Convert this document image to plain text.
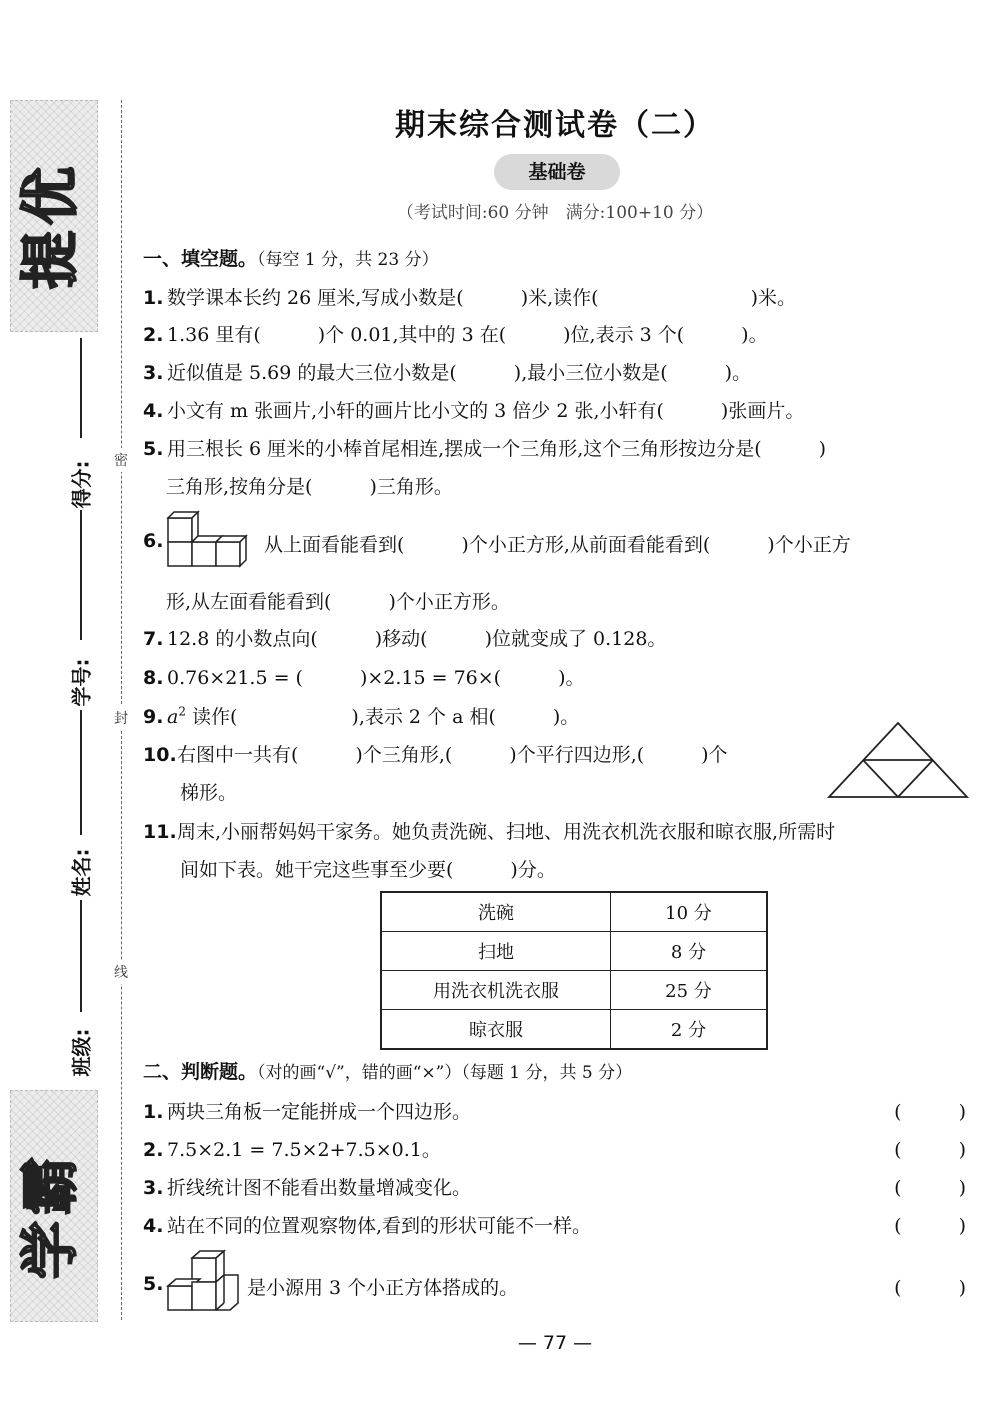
提优
学霸
得分:
学号:
姓名:
班级:
密
封
线
期末综合测试卷（二）
基础卷
（考试时间:60 分钟　满分:100+10 分）
一、填空题。（每空 1 分，共 23 分）
1. 数学课本长约 26 厘米,写成小数是(　　　)米,读作(　　　　　　　　)米。
2. 1.36 里有(　　　)个 0.01,其中的 3 在(　　　)位,表示 3 个(　　　)。
3. 近似值是 5.69 的最大三位小数是(　　　),最小三位小数是(　　　)。
4. 小文有 m 张画片,小轩的画片比小文的 3 倍少 2 张,小轩有(　　　)张画片。
5. 用三根长 6 厘米的小棒首尾相连,摆成一个三角形,这个三角形按边分是(　　　)
三角形,按角分是(　　　)三角形。
6.	从上面看能看到(　　　)个小正方形,从前面看能看到(　　　)个小正方
形,从左面看能看到(　　　)个小正方形。
7. 12.8 的小数点向(　　　)移动(　　　)位就变成了 0.128。
8. 0.76×21.5 = (　　　)×2.15 = 76×(　　　)。
9. $a^2$ 读作(　　　　　　),表示 2 个 a 相(　　　)。
10.右图中一共有(　　　)个三角形,(　　　)个平行四边形,(　　　)个
梯形。
11.周末,小丽帮妈妈干家务。她负责洗碗、扫地、用洗衣机洗衣服和晾衣服,所需时
间如下表。她干完这些事至少要(　　　)分。
洗碗	10 分
扫地	8 分
用洗衣机洗衣服	25 分
晾衣服	2 分
二、判断题。（对的画“√”，错的画“×”）（每题 1 分，共 5 分）
1. 两块三角板一定能拼成一个四边形。	(　　　)
2. 7.5×2.1 = 7.5×2+7.5×0.1。	(　　　)
3. 折线统计图不能看出数量增减变化。	(　　　)
4. 站在不同的位置观察物体,看到的形状可能不一样。	(　　　)
5.	是小源用 3 个小正方体搭成的。	(　　　)
— 77 —
